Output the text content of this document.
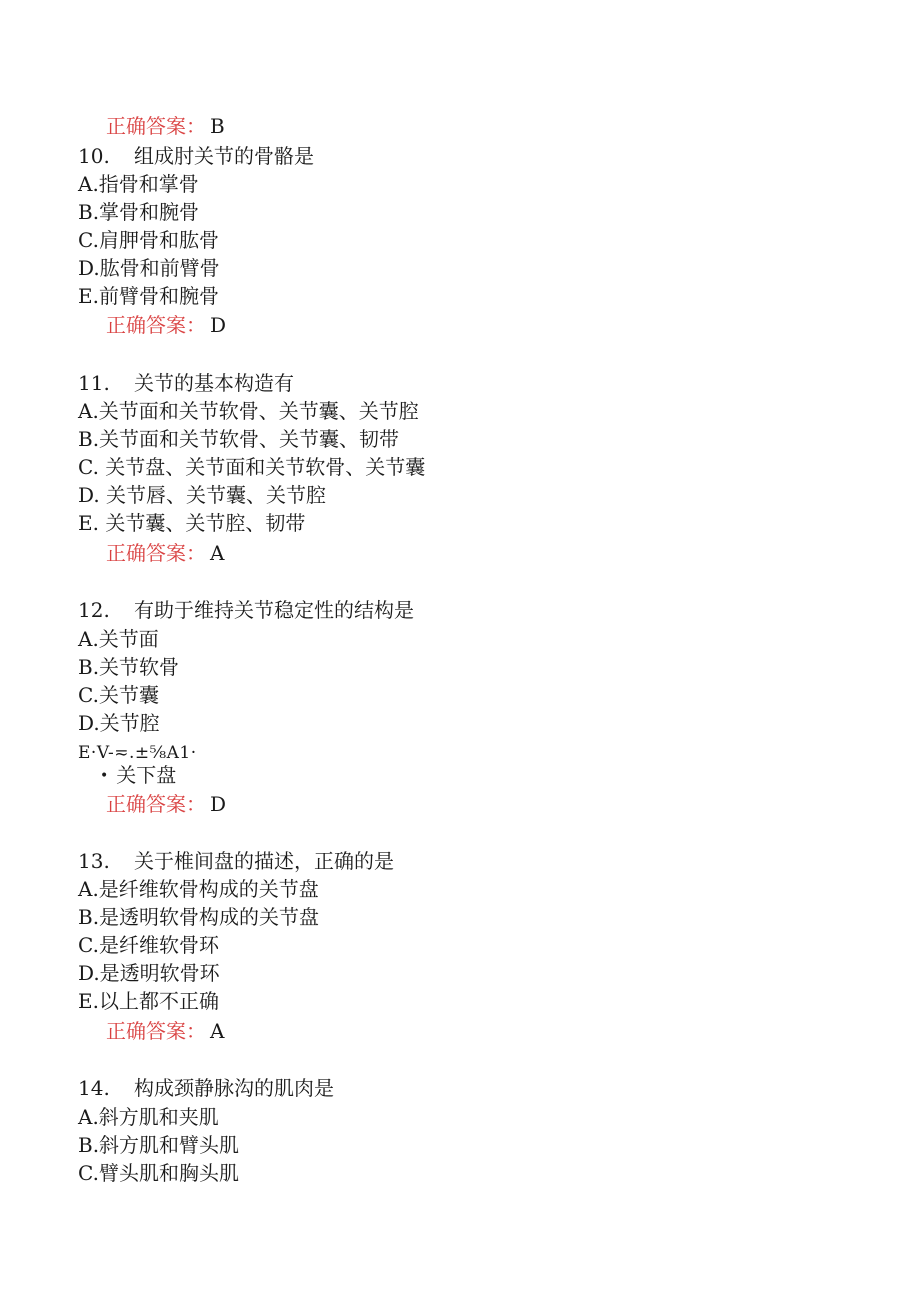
正确答案： B
10. 组成肘关节的骨骼是
A.指骨和掌骨
B.掌骨和腕骨
C.肩胛骨和肱骨
D.肱骨和前臂骨
E.前臂骨和腕骨
正确答案： D
11. 关节的基本构造有
A.关节面和关节软骨、关节囊、关节腔
B.关节面和关节软骨、关节囊、韧带
C. 关节盘、关节面和关节软骨、关节囊
D. 关节唇、关节囊、关节腔
E. 关节囊、关节腔、韧带
正确答案： A
12. 有助于维持关节稳定性的结构是
A.关节面
B.关节软骨
C.关节囊
D.关节腔
E·V-≂.±⅝A1·
• 关下盘
正确答案： D
13. 关于椎间盘的描述，正确的是
A.是纤维软骨构成的关节盘
B.是透明软骨构成的关节盘
C.是纤维软骨环
D.是透明软骨环
E.以上都不正确
正确答案： A
14. 构成颈静脉沟的肌肉是
A.斜方肌和夹肌
B.斜方肌和臂头肌
C.臂头肌和胸头肌
